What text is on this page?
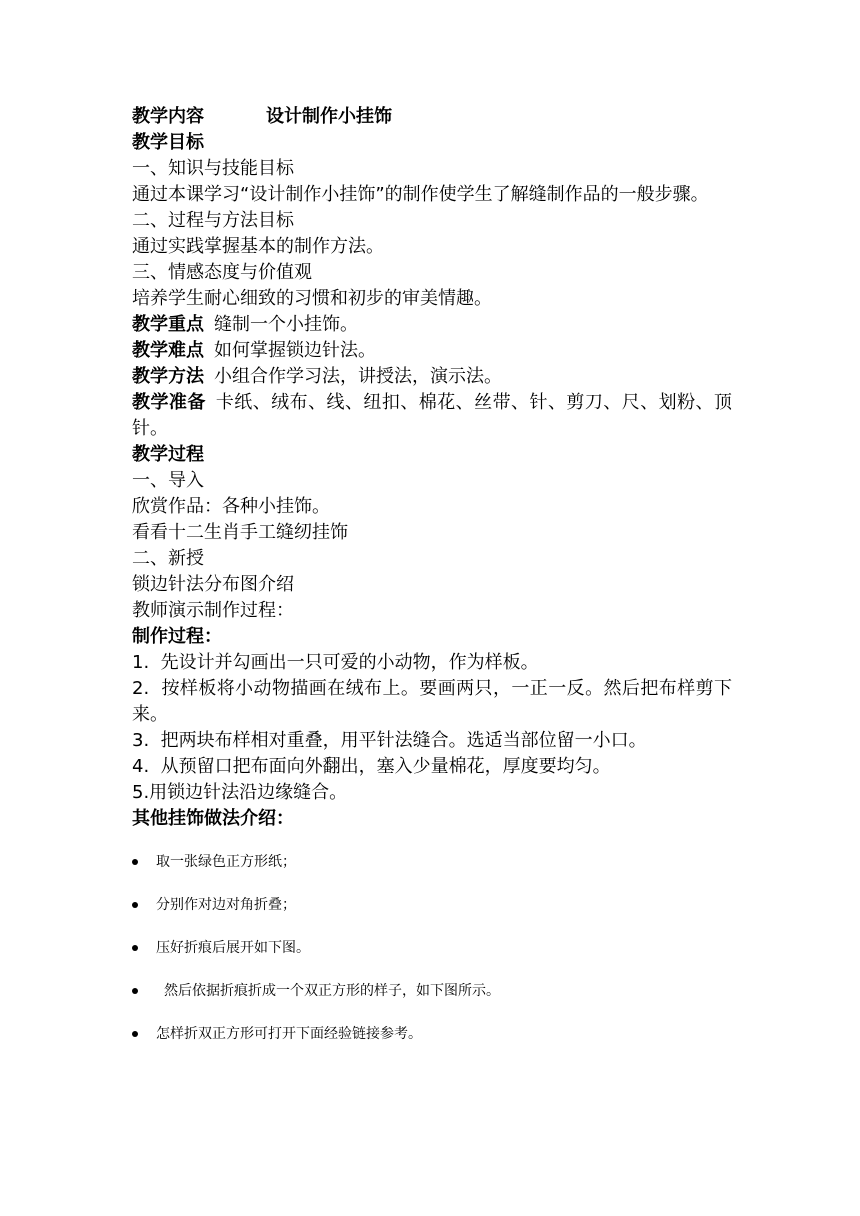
教学内容	设计制作小挂饰
教学目标
一、知识与技能目标
通过本课学习“设计制作小挂饰”的制作使学生了解缝制作品的一般步骤。
二、过程与方法目标
通过实践掌握基本的制作方法。
三、情感态度与价值观
培养学生耐心细致的习惯和初步的审美情趣。
教学重点 缝制一个小挂饰。
教学难点 如何掌握锁边针法。
教学方法 小组合作学习法，讲授法，演示法。
教学准备 卡纸、绒布、线、纽扣、棉花、丝带、针、剪刀、尺、划粉、顶针。
教学过程
一、导入
欣赏作品：各种小挂饰。
看看十二生肖手工缝纫挂饰
二、新授
锁边针法分布图介绍
教师演示制作过程：
制作过程：
1.  先设计并勾画出一只可爱的小动物，作为样板。
2.  按样板将小动物描画在绒布上。要画两只，一正一反。然后把布样剪下来。
3.  把两块布样相对重叠，用平针法缝合。选适当部位留一小口。
4.  从预留口把布面向外翻出，塞入少量棉花，厚度要均匀。
5.用锁边针法沿边缘缝合。
其他挂饰做法介绍：
取一张绿色正方形纸；
分别作对边对角折叠；
压好折痕后展开如下图。
然后依据折痕折成一个双正方形的样子，如下图所示。
怎样折双正方形可打开下面经验链接参考。
